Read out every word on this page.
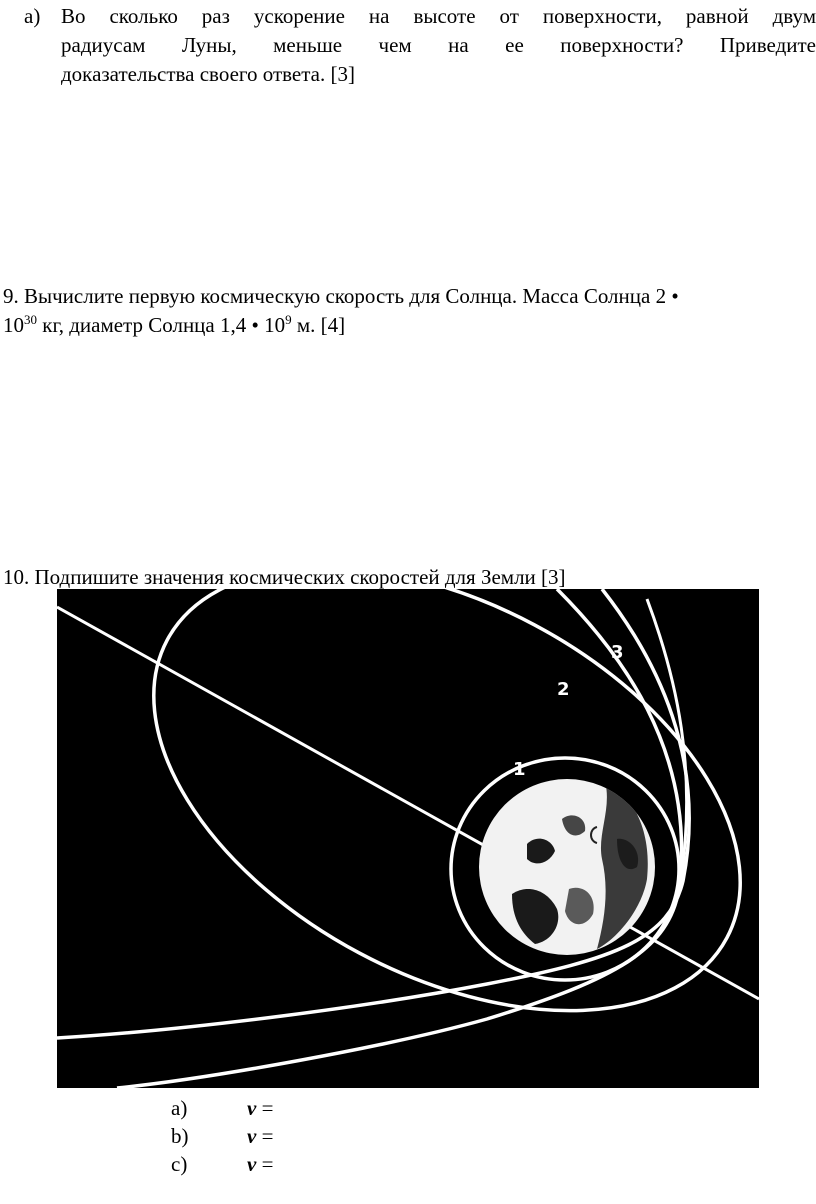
а) Во сколько раз ускорение на высоте от поверхности, равной двум
радиусам Луны, меньше чем на ее поверхности? Приведите
доказательства своего ответа. [3]
9. Вычислите первую космическую скорость для Солнца. Масса Солнца 2 •
$10^{30}$ кг, диаметр Солнца 1,4 • $10^9$ м. [4]
10. Подпишите значения космических скоростей для Земли [3]
1
2
3
a)	v =
b)	v =
c)	v =
